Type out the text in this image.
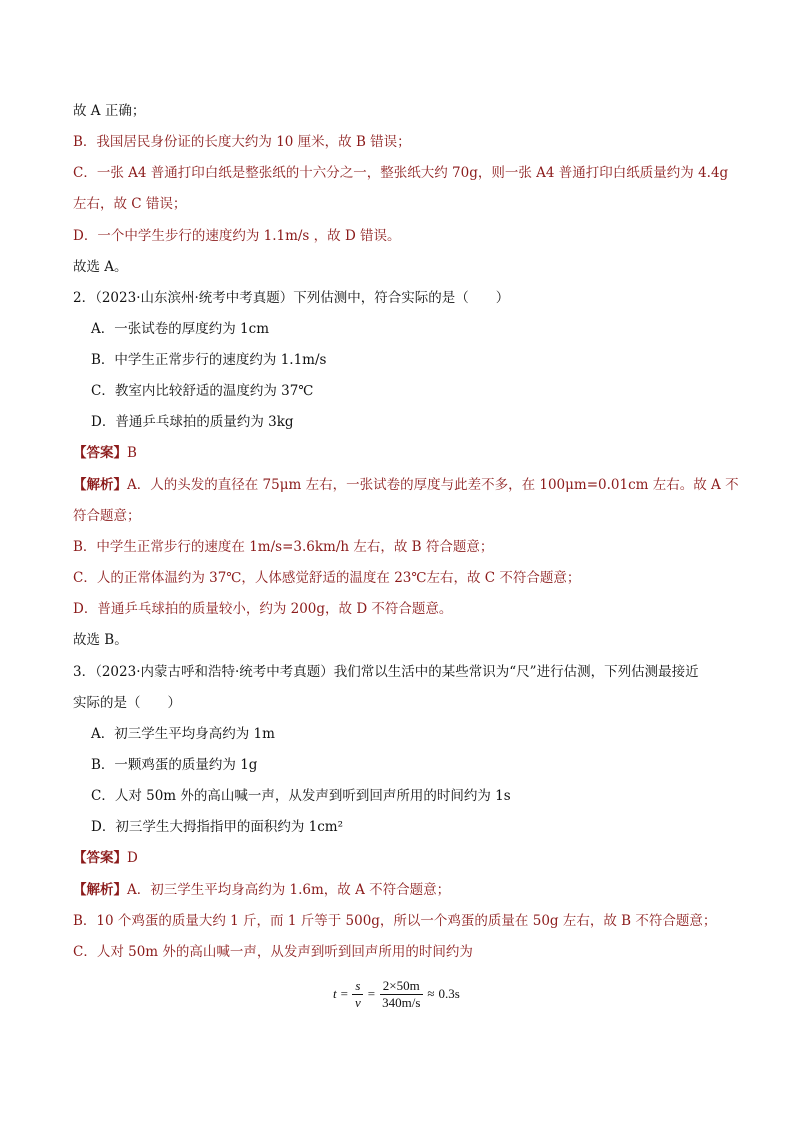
故 A 正确；
B．我国居民身份证的长度大约为 10 厘米，故 B 错误；
C．一张 A4 普通打印白纸是整张纸的十六分之一，整张纸大约 70g，则一张 A4 普通打印白纸质量约为 4.4g
左右，故 C 错误；
D．一个中学生步行的速度约为 1.1m/s ，故 D 错误。
故选 A。
2．（2023·山东滨州·统考中考真题）下列估测中，符合实际的是（　　）
A．一张试卷的厚度约为 1cm
B．中学生正常步行的速度约为 1.1m/s
C．教室内比较舒适的温度约为 37℃
D．普通乒乓球拍的质量约为 3kg
【答案】B
【解析】A．人的头发的直径在 75μm 左右，一张试卷的厚度与此差不多，在 100μm=0.01cm 左右。故 A 不
符合题意；
B．中学生正常步行的速度在 1m/s=3.6km/h 左右，故 B 符合题意；
C．人的正常体温约为 37℃，人体感觉舒适的温度在 23℃左右，故 C 不符合题意；
D．普通乒乓球拍的质量较小，约为 200g，故 D 不符合题意。
故选 B。
3．（2023·内蒙古呼和浩特·统考中考真题）我们常以生活中的某些常识为“尺”进行估测，下列估测最接近
实际的是（　　）
A．初三学生平均身高约为 1m
B．一颗鸡蛋的质量约为 1g
C．人对 50m 外的高山喊一声，从发声到听到回声所用的时间约为 1s
D．初三学生大拇指指甲的面积约为 1cm²
【答案】D
【解析】A．初三学生平均身高约为 1.6m，故 A 不符合题意；
B．10 个鸡蛋的质量大约 1 斤，而 1 斤等于 500g，所以一个鸡蛋的质量在 50g 左右，故 B 不符合题意；
C．人对 50m 外的高山喊一声，从发声到听到回声所用的时间约为
$t = \frac{s}{v} = \frac{2\times 50m}{340m/s} \approx 0.3s$
